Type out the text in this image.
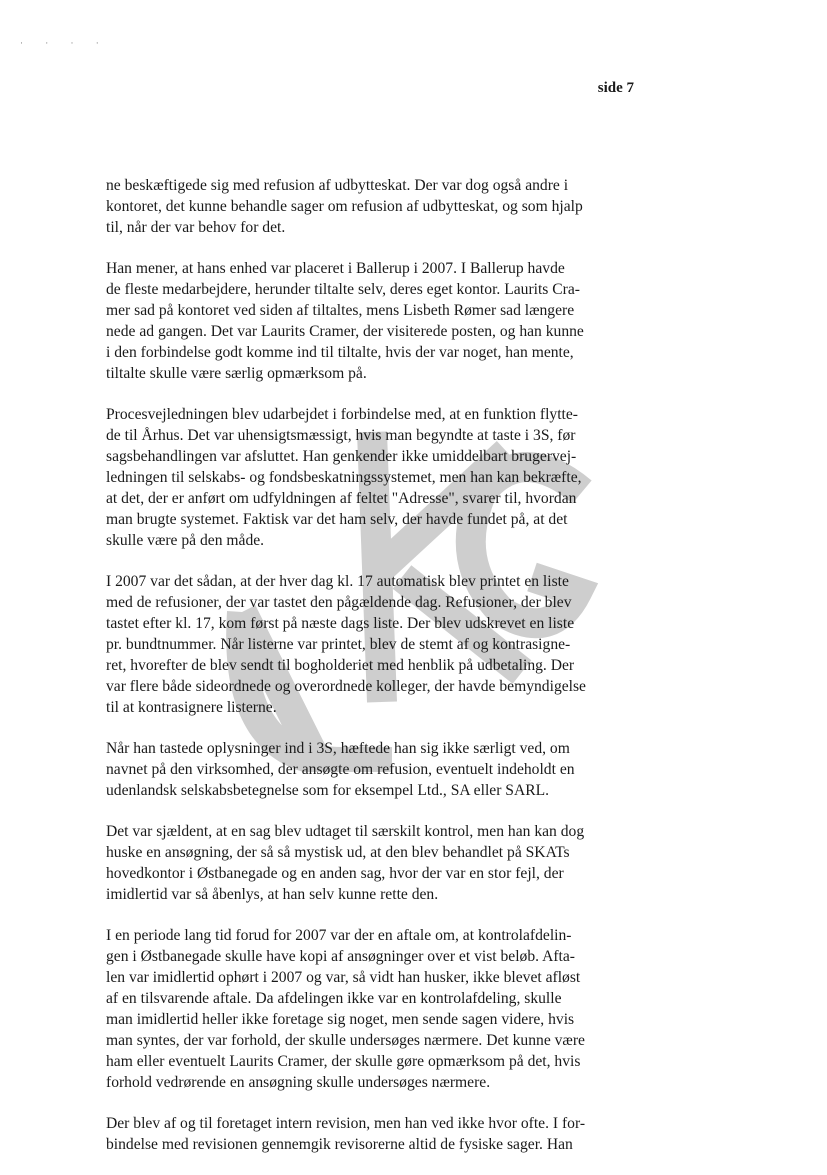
· · · ·
side 7

ne beskæftigede sig med refusion af udbytteskat. Der var dog også andre i
kontoret, det kunne behandle sager om refusion af udbytteskat, og som hjalp
til, når der var behov for det.

Han mener, at hans enhed var placeret i Ballerup i 2007. I Ballerup havde
de fleste medarbejdere, herunder tiltalte selv, deres eget kontor. Laurits Cra-
mer sad på kontoret ved siden af tiltaltes, mens Lisbeth Rømer sad længere
nede ad gangen. Det var Laurits Cramer, der visiterede posten, og han kunne
i den forbindelse godt komme ind til tiltalte, hvis der var noget, han mente,
tiltalte skulle være særlig opmærksom på.

Procesvejledningen blev udarbejdet i forbindelse med, at en funktion flytte-
de til Århus. Det var uhensigtsmæssigt, hvis man begyndte at taste i 3S, før
sagsbehandlingen var afsluttet. Han genkender ikke umiddelbart brugervej-
ledningen til selskabs- og fondsbeskatningssystemet, men han kan bekræfte,
at det, der er anført om udfyldningen af feltet "Adresse", svarer til, hvordan
man brugte systemet. Faktisk var det ham selv, der havde fundet på, at det
skulle være på den måde.

I 2007 var det sådan, at der hver dag kl. 17 automatisk blev printet en liste
med de refusioner, der var tastet den pågældende dag. Refusioner, der blev
tastet efter kl. 17, kom først på næste dags liste. Der blev udskrevet en liste
pr. bundtnummer. Når listerne var printet, blev de stemt af og kontrasigne-
ret, hvorefter de blev sendt til bogholderiet med henblik på udbetaling. Der
var flere både sideordnede og overordnede kolleger, der havde bemyndigelse
til at kontrasignere listerne.

Når han tastede oplysninger ind i 3S, hæftede han sig ikke særligt ved, om
navnet på den virksomhed, der ansøgte om refusion, eventuelt indeholdt en
udenlandsk selskabsbetegnelse som for eksempel Ltd., SA eller SARL.

Det var sjældent, at en sag blev udtaget til særskilt kontrol, men han kan dog
huske en ansøgning, der så så mystisk ud, at den blev behandlet på SKATs
hovedkontor i Østbanegade og en anden sag, hvor der var en stor fejl, der
imidlertid var så åbenlys, at han selv kunne rette den.

I en periode lang tid forud for 2007 var der en aftale om, at kontrolafdelin-
gen i Østbanegade skulle have kopi af ansøgninger over et vist beløb. Afta-
len var imidlertid ophørt i 2007 og var, så vidt han husker, ikke blevet afløst
af en tilsvarende aftale. Da afdelingen ikke var en kontrolafdeling, skulle
man imidlertid heller ikke foretage sig noget, men sende sagen videre, hvis
man syntes, der var forhold, der skulle undersøges nærmere. Det kunne være
ham eller eventuelt Laurits Cramer, der skulle gøre opmærksom på det, hvis
forhold vedrørende en ansøgning skulle undersøges nærmere.

Der blev af og til foretaget intern revision, men han ved ikke hvor ofte. I for-
bindelse med revisionen gennemgik revisorerne altid de fysiske sager. Han
